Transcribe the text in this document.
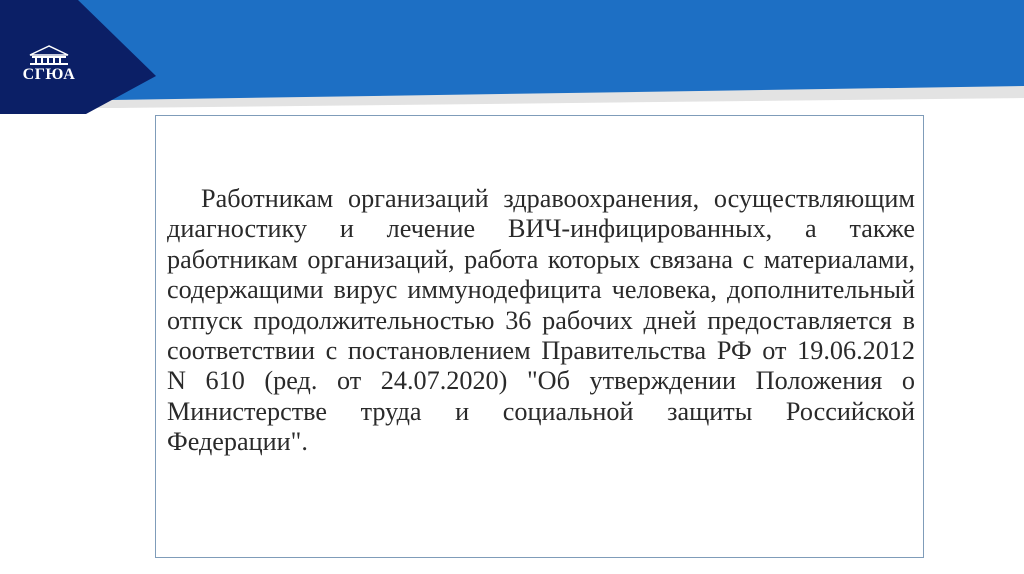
СГЮА

Работникам организаций здравоохранения, осуществляющим диагностику и лечение ВИЧ-инфицированных, а также работникам организаций, работа которых связана с материалами, содержащими вирус иммунодефицита человека, дополнительный отпуск продолжительностью 36 рабочих дней предоставляется в соответствии с постановлением Правительства РФ от 19.06.2012 N 610 (ред. от 24.07.2020) "Об утверждении Положения о Министерстве труда и социальной защиты Российской Федерации".
